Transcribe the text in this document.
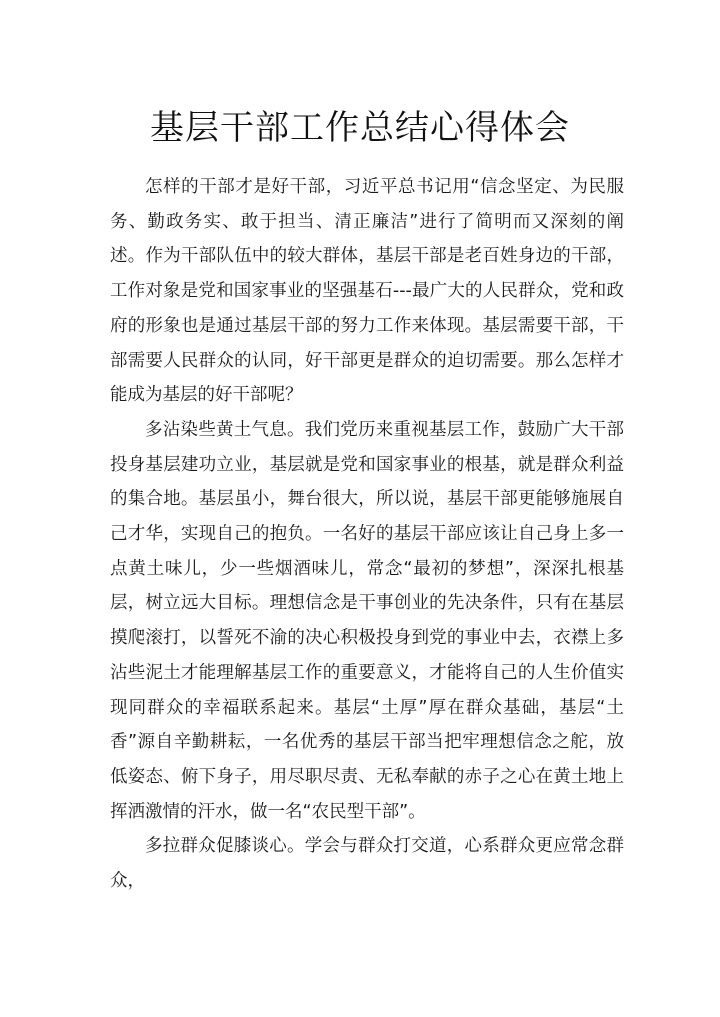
基层干部工作总结心得体会

怎样的干部才是好干部，习近平总书记用“信念坚定、为民服务、勤政务实、敢于担当、清正廉洁”进行了简明而又深刻的阐述。作为干部队伍中的较大群体，基层干部是老百姓身边的干部，工作对象是党和国家事业的坚强基石---最广大的人民群众，党和政府的形象也是通过基层干部的努力工作来体现。基层需要干部，干部需要人民群众的认同，好干部更是群众的迫切需要。那么怎样才能成为基层的好干部呢？

多沾染些黄土气息。我们党历来重视基层工作，鼓励广大干部投身基层建功立业，基层就是党和国家事业的根基，就是群众利益的集合地。基层虽小，舞台很大，所以说，基层干部更能够施展自己才华，实现自己的抱负。一名好的基层干部应该让自己身上多一点黄土味儿，少一些烟酒味儿，常念“最初的梦想”，深深扎根基层，树立远大目标。理想信念是干事创业的先决条件，只有在基层摸爬滚打，以誓死不渝的决心积极投身到党的事业中去，衣襟上多沾些泥土才能理解基层工作的重要意义，才能将自己的人生价值实现同群众的幸福联系起来。基层“土厚”厚在群众基础，基层“土香”源自辛勤耕耘，一名优秀的基层干部当把牢理想信念之舵，放低姿态、俯下身子，用尽职尽责、无私奉献的赤子之心在黄土地上挥洒激情的汗水，做一名“农民型干部”。

多拉群众促膝谈心。学会与群众打交道，心系群众更应常念群众，
